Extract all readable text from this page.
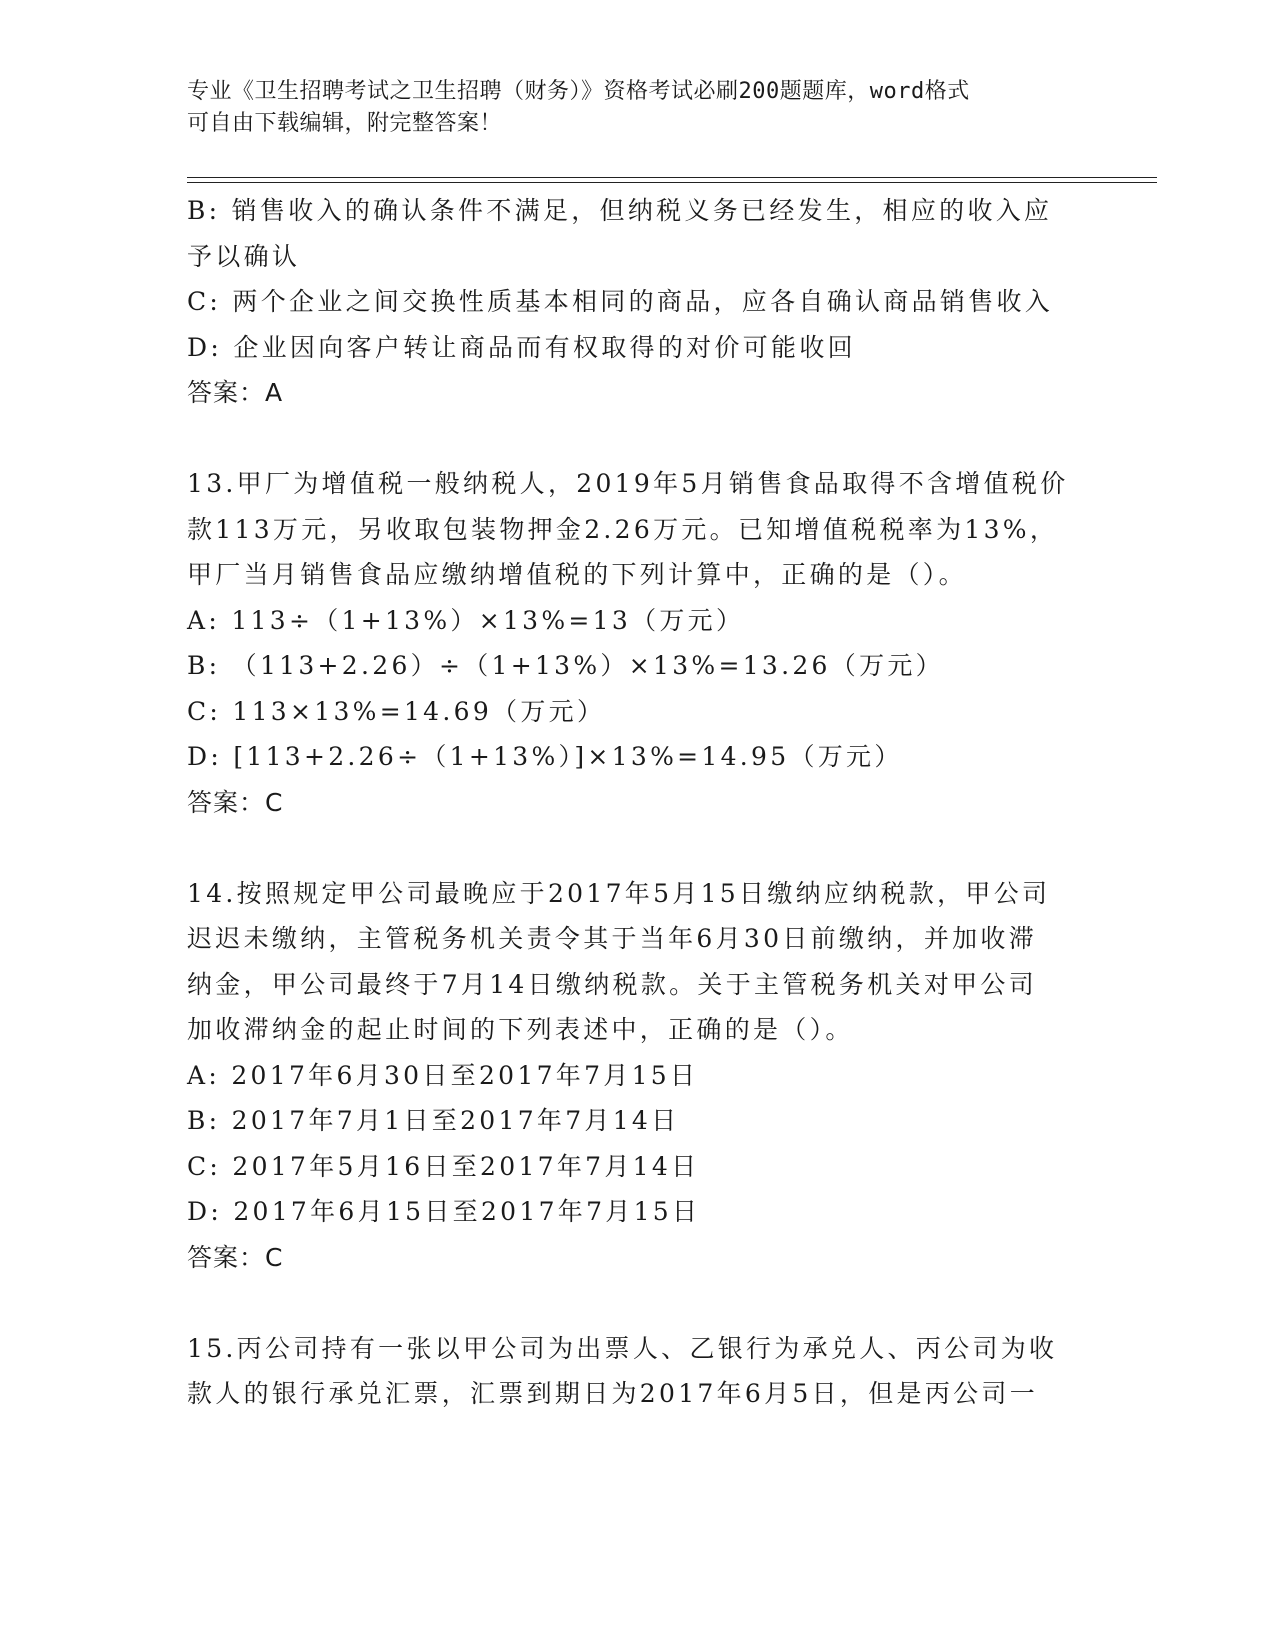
专业《卫生招聘考试之卫生招聘（财务）》资格考试必刷200题题库，word格式
可自由下载编辑，附完整答案！
B: 销售收入的确认条件不满足，但纳税义务已经发生，相应的收入应
予以确认
C: 两个企业之间交换性质基本相同的商品，应各自确认商品销售收入
D: 企业因向客户转让商品而有权取得的对价可能收回
答案：A
13.甲厂为增值税一般纳税人，2019年5月销售食品取得不含增值税价
款113万元，另收取包装物押金2.26万元。已知增值税税率为13%，
甲厂当月销售食品应缴纳增值税的下列计算中，正确的是（）。
A: 113÷（1+13%）×13%=13（万元）
B: （113+2.26）÷（1+13%）×13%=13.26（万元）
C: 113×13%=14.69（万元）
D: [113+2.26÷（1+13%）]×13%=14.95（万元）
答案：C
14.按照规定甲公司最晚应于2017年5月15日缴纳应纳税款，甲公司
迟迟未缴纳，主管税务机关责令其于当年6月30日前缴纳，并加收滞
纳金，甲公司最终于7月14日缴纳税款。关于主管税务机关对甲公司
加收滞纳金的起止时间的下列表述中，正确的是（）。
A: 2017年6月30日至2017年7月15日
B: 2017年7月1日至2017年7月14日
C: 2017年5月16日至2017年7月14日
D: 2017年6月15日至2017年7月15日
答案：C
15.丙公司持有一张以甲公司为出票人、乙银行为承兑人、丙公司为收
款人的银行承兑汇票，汇票到期日为2017年6月5日，但是丙公司一
